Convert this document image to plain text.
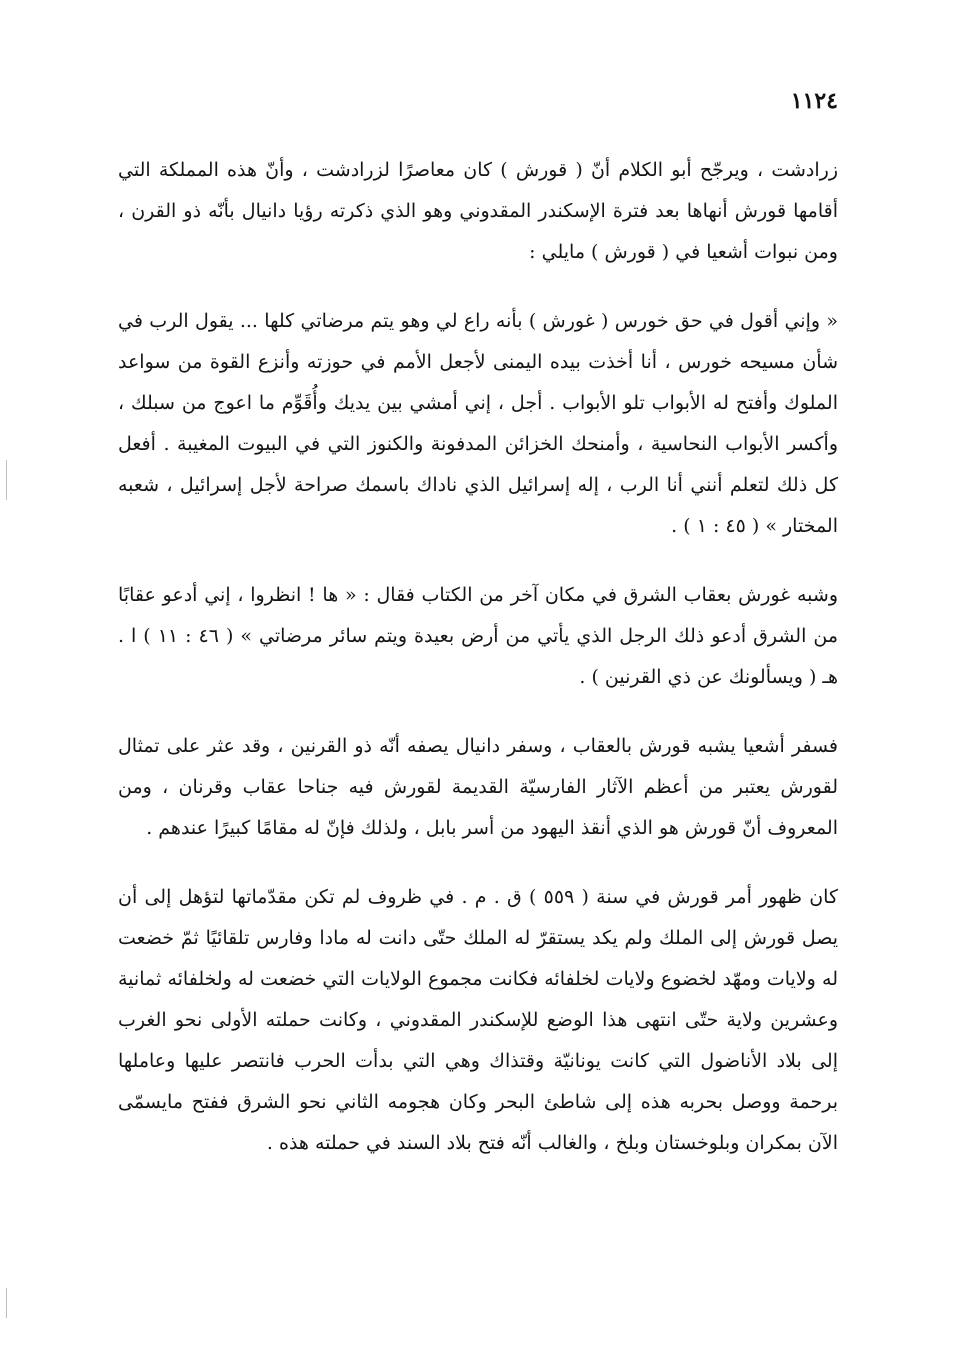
١١٢٤

زرادشت ، ويرجّح أبو الكلام أنّ ( قورش ) كان معاصرًا لزرادشت ، وأنّ هذه المملكة التي أقامها قورش أنهاها بعد فترة الإسكندر المقدوني وهو الذي ذكرته رؤيا دانيال بأنّه ذو القرن ، ومن نبوات أشعيا في ( قورش ) مايلي :

« وإني أقول في حق خورس ( غورش ) بأنه راع لي وهو يتم مرضاتي كلها ... يقول الرب في شأن مسيحه خورس ، أنا أخذت بيده اليمنى لأجعل الأمم في حوزته وأنزع القوة من سواعد الملوك وأفتح له الأبواب تلو الأبواب . أجل ، إني أمشي بين يديك وأُقَوِّم ما اعوج من سبلك ، وأكسر الأبواب النحاسية ، وأمنحك الخزائن المدفونة والكنوز التي في البيوت المغيبة . أفعل كل ذلك لتعلم أنني أنا الرب ، إله إسرائيل الذي ناداك باسمك صراحة لأجل إسرائيل ، شعبه المختار » ( ٤٥ : ١ ) .

وشبه غورش بعقاب الشرق في مكان آخر من الكتاب فقال : « ها ! انظروا ، إني أدعو عقابًا من الشرق أدعو ذلك الرجل الذي يأتي من أرض بعيدة ويتم سائر مرضاتي » ( ٤٦ : ١١ ) ا . هـ ( ويسألونك عن ذي القرنين ) .

فسفر أشعيا يشبه قورش بالعقاب ، وسفر دانيال يصفه أنّه ذو القرنين ، وقد عثر على تمثال لقورش يعتبر من أعظم الآثار الفارسيّة القديمة لقورش فيه جناحا عقاب وقرنان ، ومن المعروف أنّ قورش هو الذي أنقذ اليهود من أسر بابل ، ولذلك فإنّ له مقامًا كبيرًا عندهم .

كان ظهور أمر قورش في سنة ( ٥٥٩ ) ق . م . في ظروف لم تكن مقدّماتها لتؤهل إلى أن يصل قورش إلى الملك ولم يكد يستقرّ له الملك حتّى دانت له مادا وفارس تلقائيًا ثمّ خضعت له ولايات ومهّد لخضوع ولايات لخلفائه فكانت مجموع الولايات التي خضعت له ولخلفائه ثمانية وعشرين ولاية حتّى انتهى هذا الوضع للإسكندر المقدوني ، وكانت حملته الأولى نحو الغرب إلى بلاد الأناضول التي كانت يونانيّة وقتذاك وهي التي بدأت الحرب فانتصر عليها وعاملها برحمة ووصل بحربه هذه إلى شاطئ البحر وكان هجومه الثاني نحو الشرق ففتح مايسمّى الآن بمكران وبلوخستان وبلخ ، والغالب أنّه فتح بلاد السند في حملته هذه .
